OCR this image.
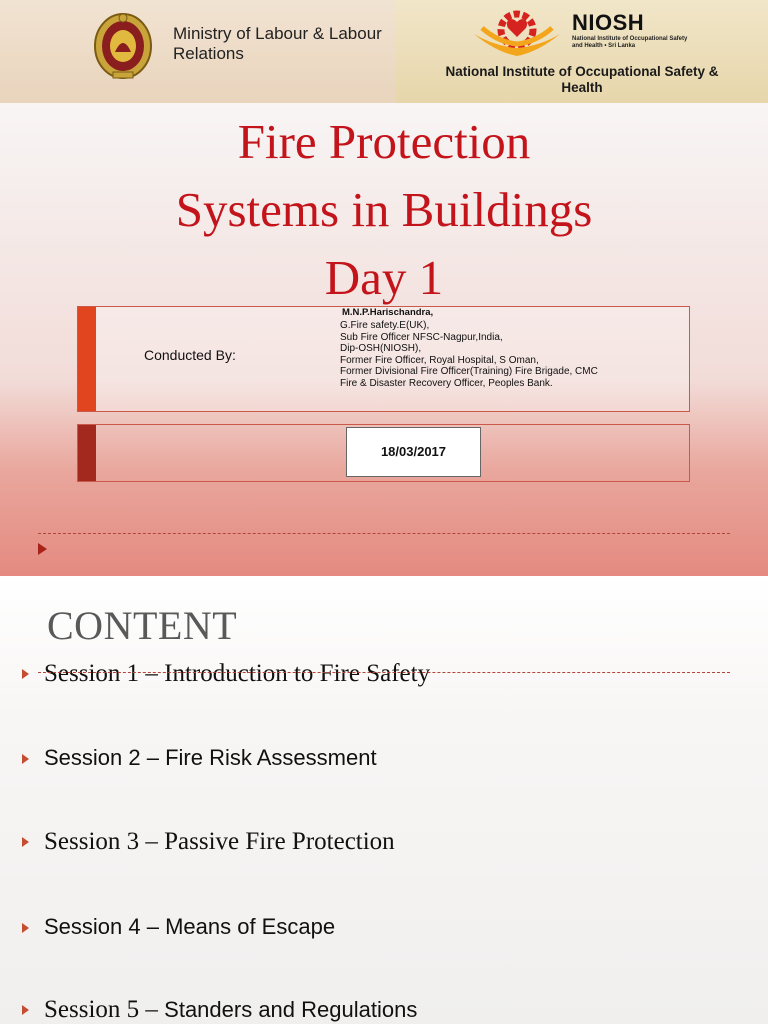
Ministry of Labour & Labour Relations
NIOSH
National Institute of Occupational Safety and Health • Sri Lanka
National Institute of Occupational Safety & Health
Fire Protection
Systems in Buildings
Day 1
Conducted By:
M.N.P.Harischandra,
G.Fire safety.E(UK),
Sub Fire Officer NFSC-Nagpur,India,
Dip-OSH(NIOSH),
Former Fire Officer, Royal Hospital, S Oman,
Former Divisional Fire Officer(Training) Fire Brigade, CMC
Fire & Disaster Recovery Officer, Peoples Bank.
18/03/2017
CONTENT
Session 1 – Introduction to Fire Safety
Session 2 – Fire Risk Assessment
Session 3 – Passive Fire Protection
Session 4 – Means of Escape
Session 5 – Standers and Regulations
